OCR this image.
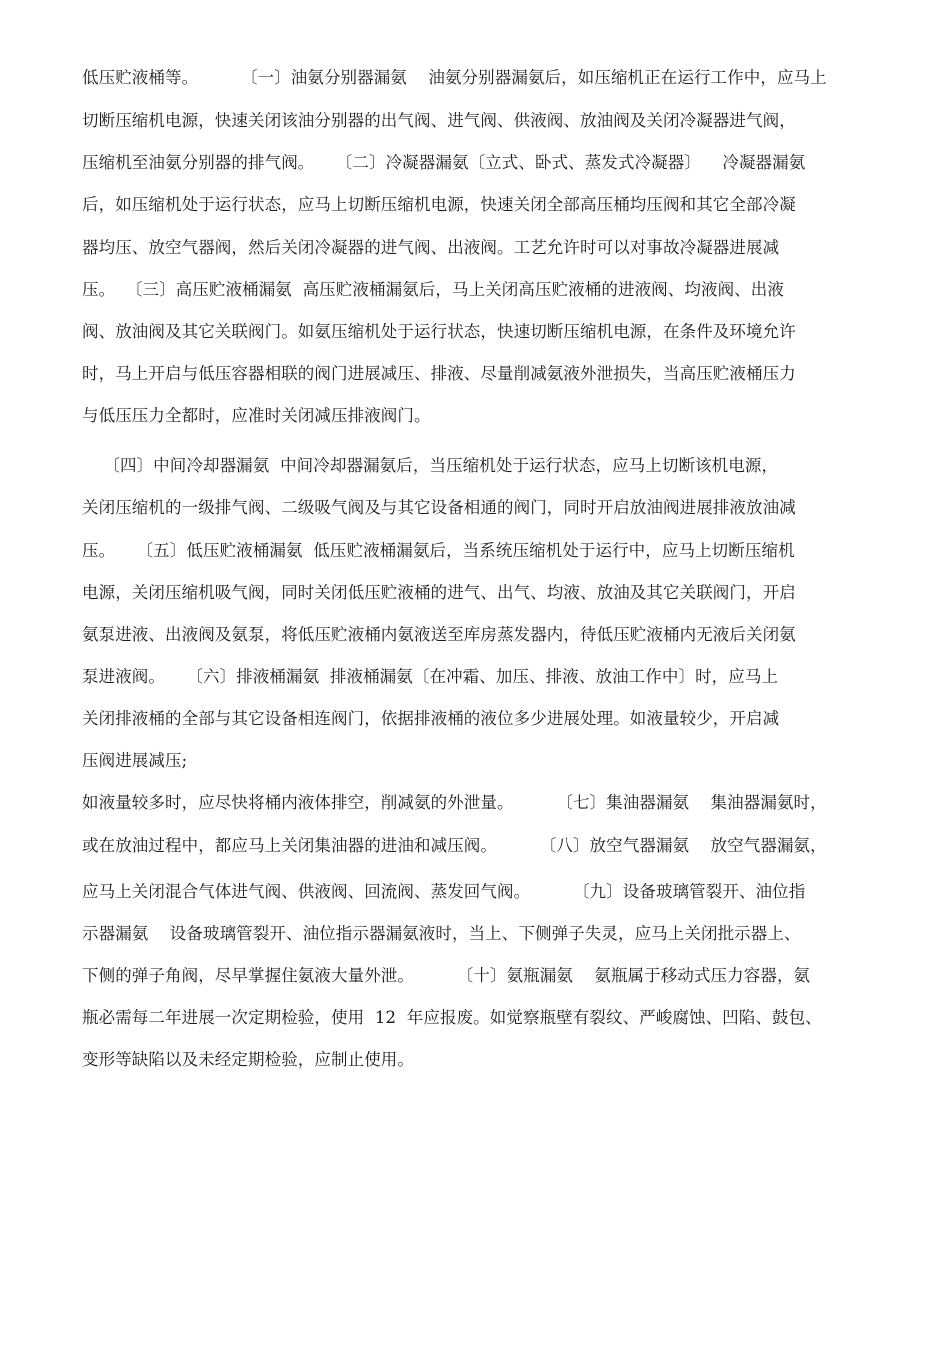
低压贮液桶等。        〔一〕油氨分别器漏氨    油氨分别器漏氨后，如压缩机正在运行工作中，应马上
切断压缩机电源，快速关闭该油分别器的出气阀、进气阀、供液阀、放油阀及关闭冷凝器进气阀，
压缩机至油氨分别器的排气阀。    〔二〕冷凝器漏氨〔立式、卧式、蒸发式冷凝器〕    冷凝器漏氨
后，如压缩机处于运行状态，应马上切断压缩机电源，快速关闭全部高压桶均压阀和其它全部冷凝
器均压、放空气器阀，然后关闭冷凝器的进气阀、出液阀。工艺允许时可以对事故冷凝器进展减
压。  〔三〕高压贮液桶漏氨  高压贮液桶漏氨后，马上关闭高压贮液桶的进液阀、均液阀、出液
阀、放油阀及其它关联阀门。如氨压缩机处于运行状态，快速切断压缩机电源，在条件及环境允许
时，马上开启与低压容器相联的阀门进展减压、排液、尽量削减氨液外泄损失，当高压贮液桶压力
与低压压力全都时，应准时关闭减压排液阀门。
〔四〕中间冷却器漏氨  中间冷却器漏氨后，当压缩机处于运行状态，应马上切断该机电源，
关闭压缩机的一级排气阀、二级吸气阀及与其它设备相通的阀门，同时开启放油阀进展排液放油减
压。    〔五〕低压贮液桶漏氨  低压贮液桶漏氨后，当系统压缩机处于运行中，应马上切断压缩机
电源，关闭压缩机吸气阀，同时关闭低压贮液桶的进气、出气、均液、放油及其它关联阀门，开启
氨泵进液、出液阀及氨泵，将低压贮液桶内氨液送至库房蒸发器内，待低压贮液桶内无液后关闭氨
泵进液阀。    〔六〕排液桶漏氨  排液桶漏氨〔在冲霜、加压、排液、放油工作中〕时，应马上
关闭排液桶的全部与其它设备相连阀门，依据排液桶的液位多少进展处理。如液量较少，开启减
压阀进展减压;
如液量较多时，应尽快将桶内液体排空，削减氨的外泄量。        〔七〕集油器漏氨    集油器漏氨时，
或在放油过程中，都应马上关闭集油器的进油和减压阀。        〔八〕放空气器漏氨    放空气器漏氨，
应马上关闭混合气体进气阀、供液阀、回流阀、蒸发回气阀。        〔九〕设备玻璃管裂开、油位指
示器漏氨    设备玻璃管裂开、油位指示器漏氨液时，当上、下侧弹子失灵，应马上关闭批示器上、
下侧的弹子角阀，尽早掌握住氨液大量外泄。        〔十〕氨瓶漏氨    氨瓶属于移动式压力容器，氨
瓶必需每二年进展一次定期检验，使用  12  年应报废。如觉察瓶壁有裂纹、严峻腐蚀、凹陷、鼓包、
变形等缺陷以及未经定期检验，应制止使用。
